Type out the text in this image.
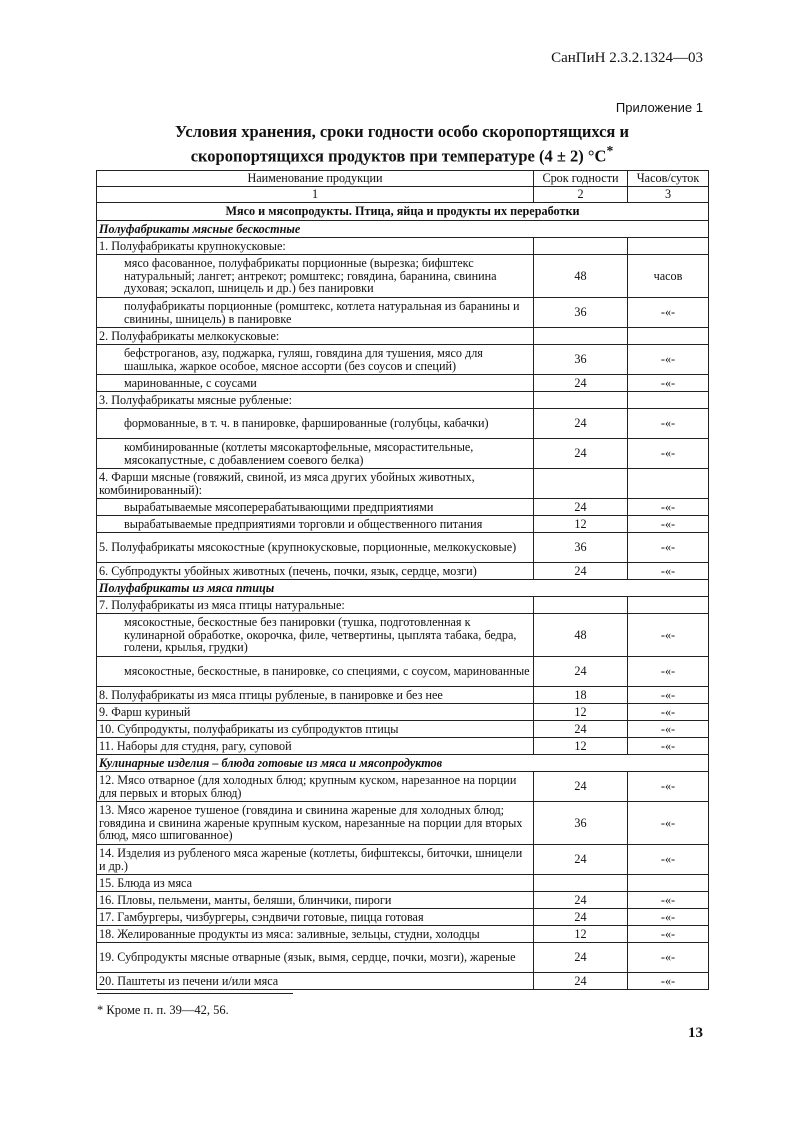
СанПиН 2.3.2.1324—03
Приложение 1
Условия хранения, сроки годности особо скоропортящихся и
скоропортящихся продуктов при температуре (4 ± 2) °С*
Наименование продукции	Срок годности	Часов/суток
1	2	3
Мясо и мясопродукты. Птица, яйца и продукты их переработки		
Полуфабрикаты мясные бескостные		
1. Полуфабрикаты крупнокусковые:		
мясо фасованное, полуфабрикаты порционные (вырезка; бифштекс натуральный; лангет; антрекот; ромштекс; говядина, баранина, свинина духовая; эскалоп, шницель и др.) без панировки	48	часов
полуфабрикаты порционные (ромштекс, котлета натуральная из баранины и свинины, шницель) в панировке	36	-«-
2. Полуфабрикаты мелкокусковые:		
бефстроганов, азу, поджарка, гуляш, говядина для тушения, мясо для шашлыка, жаркое особое, мясное ассорти (без соусов и специй)	36	-«-
маринованные, с соусами	24	-«-
3. Полуфабрикаты мясные рубленые:		
формованные, в т. ч. в панировке, фаршированные (голубцы, кабачки)	24	-«-
комбинированные (котлеты мясокартофельные, мясорастительные, мясокапустные, с добавлением соевого белка)	24	-«-
4. Фарши мясные (говяжий, свиной, из мяса других убойных животных, комбинированный):		
вырабатываемые мясоперерабатывающими предприятиями	24	-«-
вырабатываемые предприятиями торговли и общественного питания	12	-«-
5. Полуфабрикаты мясокостные (крупнокусковые, порционные, мелкокусковые)	36	-«-
6. Субпродукты убойных животных (печень, почки, язык, сердце, мозги)	24	-«-
Полуфабрикаты из мяса птицы		
7. Полуфабрикаты из мяса птицы натуральные:		
мясокостные, бескостные без панировки (тушка, подготовленная к кулинарной обработке, окорочка, филе, четвертины, цыплята табака, бедра, голени, крылья, грудки)	48	-«-
мясокостные, бескостные, в панировке, со специями, с соусом, маринованные	24	-«-
8. Полуфабрикаты из мяса птицы рубленые, в панировке и без нее	18	-«-
9. Фарш куриный	12	-«-
10. Субпродукты, полуфабрикаты из субпродуктов птицы	24	-«-
11. Наборы для студня, рагу, суповой	12	-«-
Кулинарные изделия – блюда готовые из мяса и мясопродуктов		
12. Мясо отварное (для холодных блюд; крупным куском, нарезанное на порции для первых и вторых блюд)	24	-«-
13. Мясо жареное тушеное (говядина и свинина жареные для холодных блюд; говядина и свинина жареные крупным куском, нарезанные на порции для вторых блюд, мясо шпигованное)	36	-«-
14. Изделия из рубленого мяса жареные (котлеты, бифштексы, биточки, шницели и др.)	24	-«-
15. Блюда из мяса		
16. Пловы, пельмени, манты, беляши, блинчики, пироги	24	-«-
17. Гамбургеры, чизбургеры, сэндвичи готовые, пицца готовая	24	-«-
18. Желированные продукты из мяса: заливные, зельцы, студни, холодцы	12	-«-
19. Субпродукты мясные отварные (язык, вымя, сердце, почки, мозги), жареные	24	-«-
20. Паштеты из печени и/или мяса	24	-«-
* Кроме п. п. 39—42, 56.
13
